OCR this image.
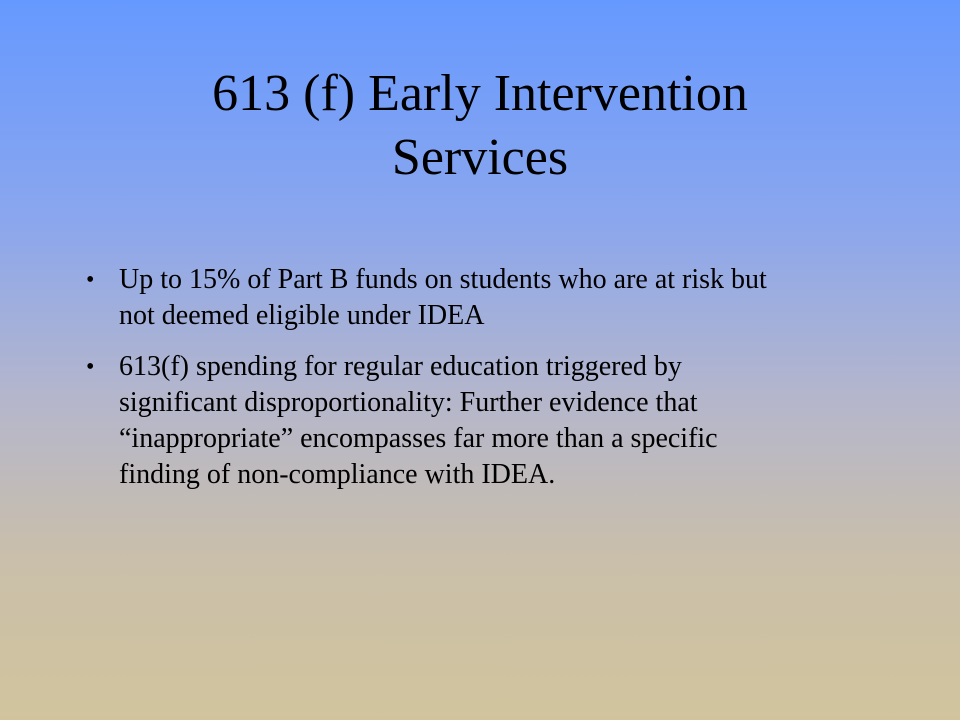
613 (f) Early Intervention
Services
• Up to 15% of Part B funds on students who are at risk but
not deemed eligible under IDEA
• 613(f) spending for regular education triggered by
significant disproportionality: Further evidence that
“inappropriate” encompasses far more than a specific
finding of non-compliance with IDEA.
